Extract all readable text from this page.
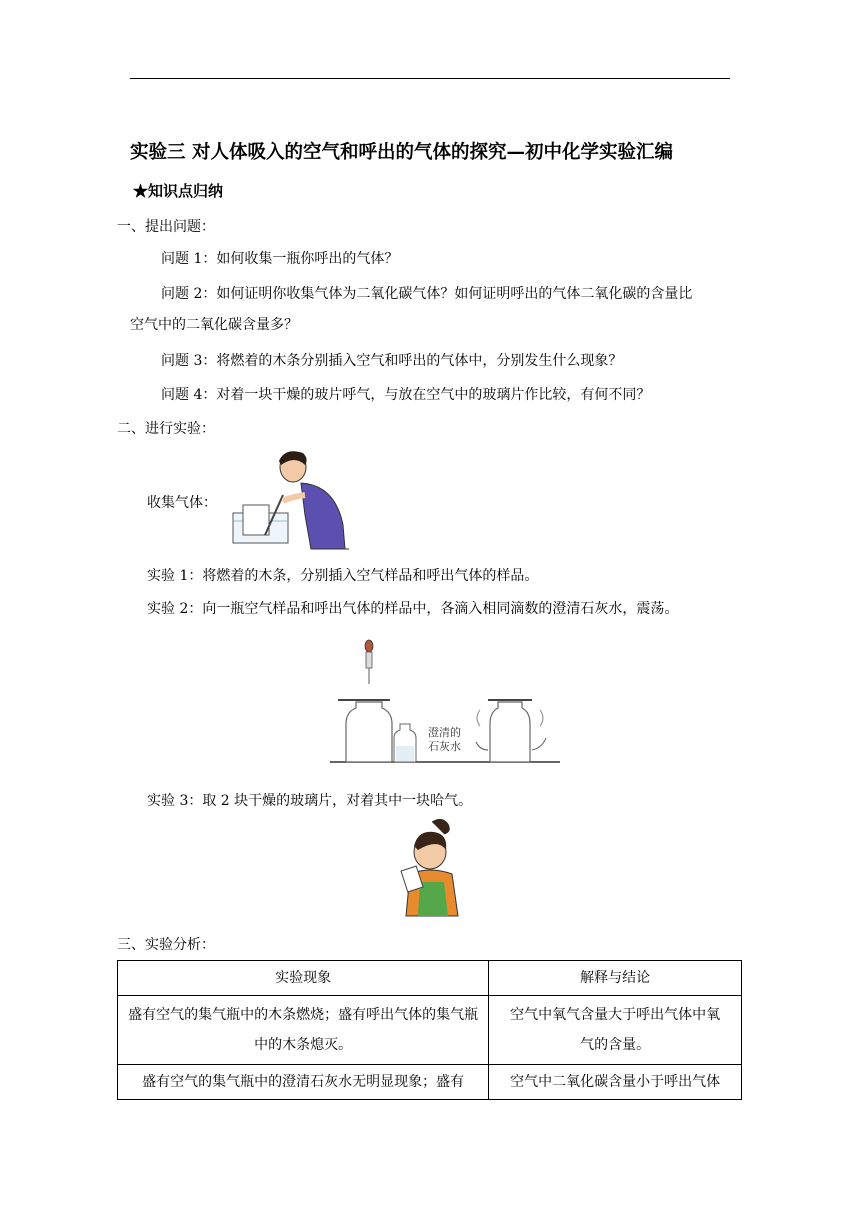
实验三 对人体吸入的空气和呼出的气体的探究—初中化学实验汇编
★知识点归纳
一、提出问题：
问题 1：如何收集一瓶你呼出的气体？
问题 2：如何证明你收集气体为二氧化碳气体？如何证明呼出的气体二氧化碳的含量比
空气中的二氧化碳含量多？
问题 3：将燃着的木条分别插入空气和呼出的气体中，分别发生什么现象？
问题 4：对着一块干燥的玻片呼气，与放在空气中的玻璃片作比较，有何不同？
二、进行实验：
收集气体：
实验 1：将燃着的木条，分别插入空气样品和呼出气体的样品。
实验 2：向一瓶空气样品和呼出气体的样品中，各滴入相同滴数的澄清石灰水，震荡。
澄清的
石灰水
实验 3：取 2 块干燥的玻璃片，对着其中一块哈气。
三、实验分析：
实验现象	解释与结论
盛有空气的集气瓶中的木条燃烧；盛有呼出气体的集气瓶中的木条熄灭。	空气中氧气含量大于呼出气体中氧气的含量。
盛有空气的集气瓶中的澄清石灰水无明显现象；盛有	空气中二氧化碳含量小于呼出气体
